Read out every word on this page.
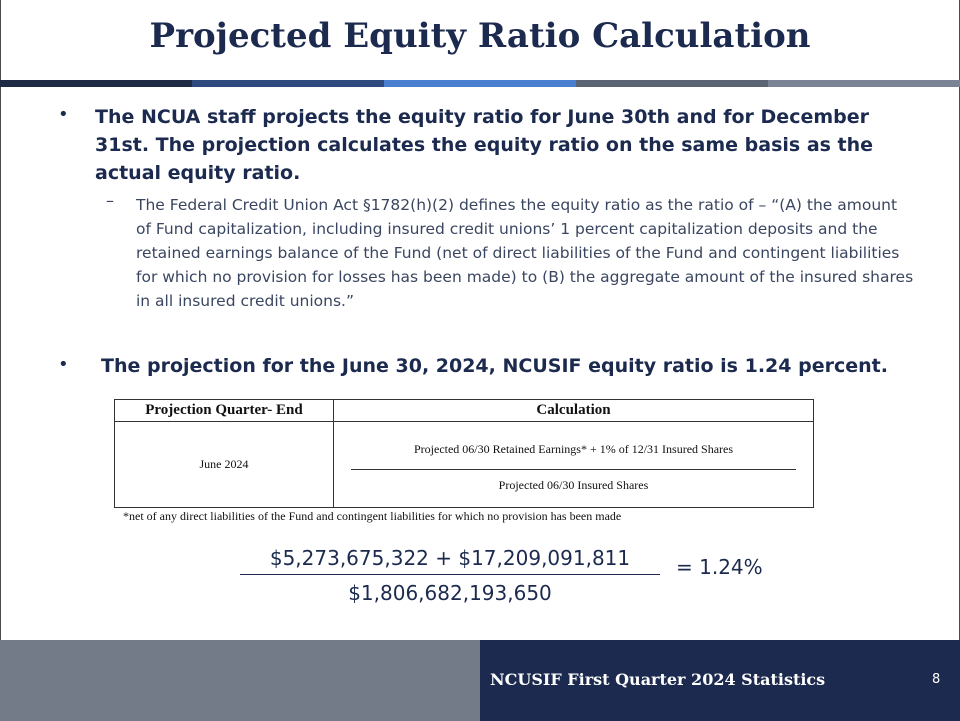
Projected Equity Ratio Calculation
• The NCUA staff projects the equity ratio for June 30th and for December 31st. The projection calculates the equity ratio on the same basis as the actual equity ratio.
– The Federal Credit Union Act §1782(h)(2) defines the equity ratio as the ratio of – “(A) the amount of Fund capitalization, including insured credit unions’ 1 percent capitalization deposits and the retained earnings balance of the Fund (net of direct liabilities of the Fund and contingent liabilities for which no provision for losses has been made) to (B) the aggregate amount of the insured shares in all insured credit unions.”
• The projection for the June 30, 2024, NCUSIF equity ratio is 1.24 percent.
Projection Quarter- End	Calculation
June 2024	Projected 06/30 Retained Earnings* + 1% of 12/31 Insured Shares
Projected 06/30 Insured Shares
*net of any direct liabilities of the Fund and contingent liabilities for which no provision has been made
$5,273,675,322 + $17,209,091,811
$1,806,682,193,650
= 1.24%
NCUSIF First Quarter 2024 Statistics	8
